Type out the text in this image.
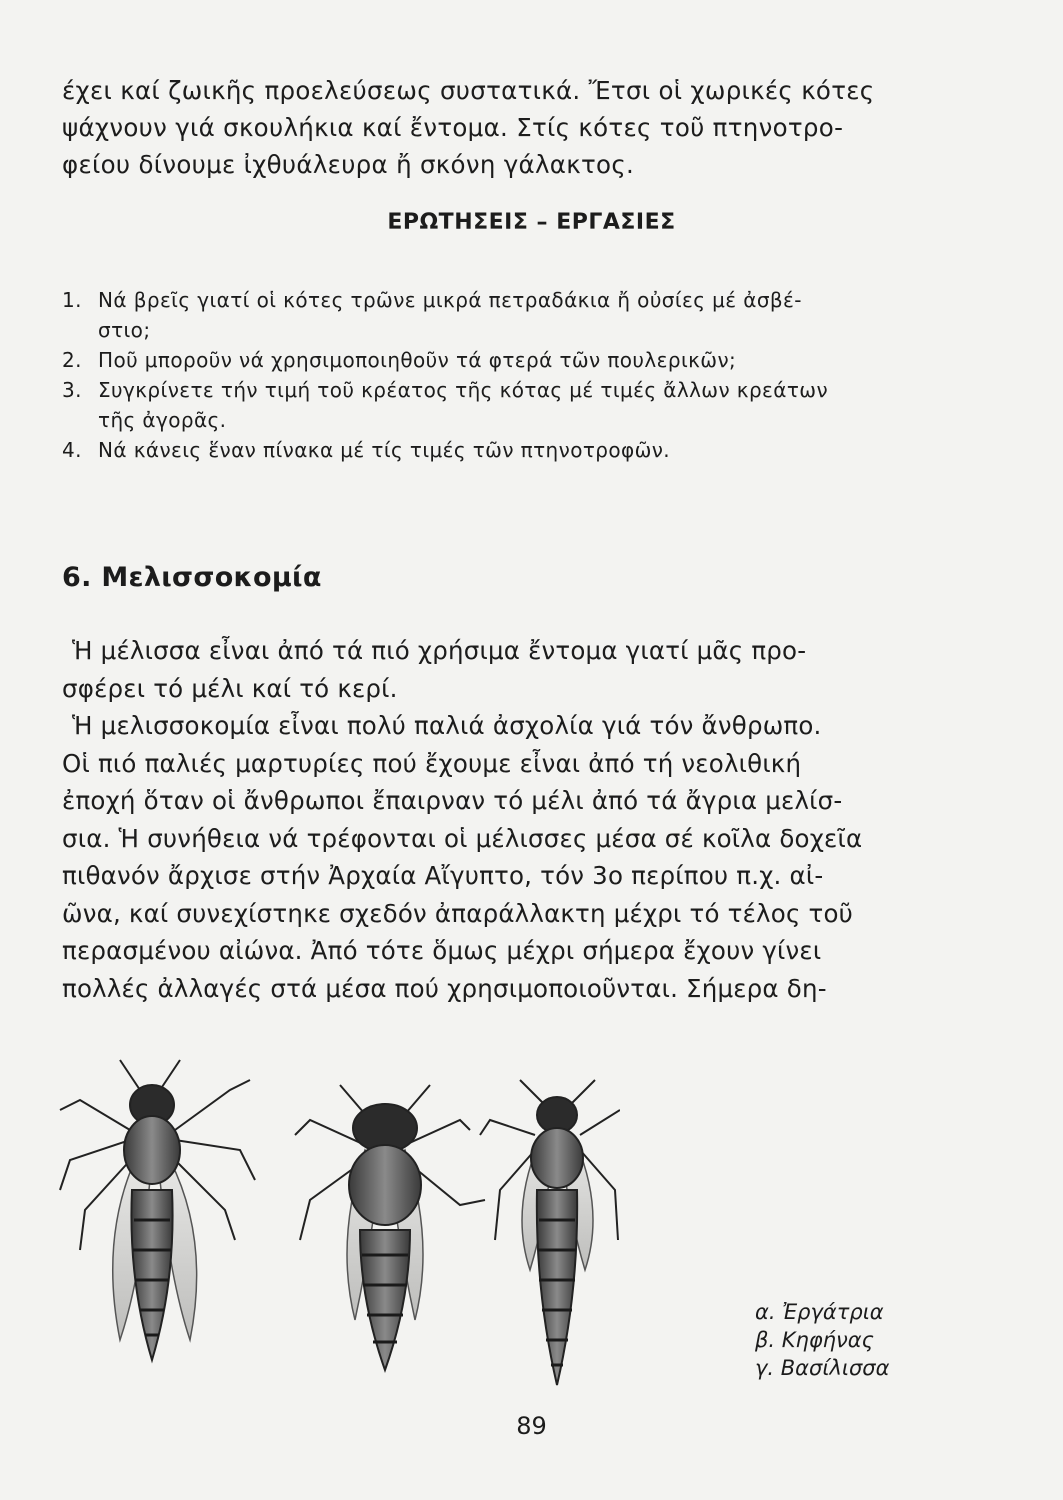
έχει καί ζωικῆς προελεύσεως συστατικά. Ἔτσι οἱ χωρικές κότες

ψάχνουν γιά σκουλήκια καί ἔντομα. Στίς κότες τοῦ πτηνοτρο-

φείου δίνουμε ἰχθυάλευρα ἤ σκόνη γάλακτος.

ΕΡΩΤΗΣΕΙΣ – ΕΡΓΑΣΙΕΣ
1. Νά βρεῖς γιατί οἱ κότες τρῶνε μικρά πετραδάκια ἤ οὐσίες μέ ἀσβέ-
στιο;
2. Ποῦ μποροῦν νά χρησιμοποιηθοῦν τά φτερά τῶν πουλερικῶν;
3. Συγκρίνετε τήν τιμή τοῦ κρέατος τῆς κότας μέ τιμές ἄλλων κρεάτων
τῆς ἀγορᾶς.
4. Νά κάνεις ἕναν πίνακα μέ τίς τιμές τῶν πτηνοτροφῶν.
6. Μελισσοκομία

Ἡ μέλισσα εἶναι ἀπό τά πιό χρήσιμα ἔντομα γιατί μᾶς προ-

σφέρει τό μέλι καί τό κερί.

Ἡ μελισσοκομία εἶναι πολύ παλιά ἀσχολία γιά τόν ἄνθρωπο.

Οἱ πιό παλιές μαρτυρίες πού ἔχουμε εἶναι ἀπό τή νεολιθική

ἐποχή ὅταν οἱ ἄνθρωποι ἔπαιρναν τό μέλι ἀπό τά ἄγρια μελίσ-

σια. Ἡ συνήθεια νά τρέφονται οἱ μέλισσες μέσα σέ κοῖλα δοχεῖα

πιθανόν ἄρχισε στήν Ἀρχαία Αἴγυπτο, τόν 3ο περίπου π.χ. αἰ-

ῶνα, καί συνεχίστηκε σχεδόν ἀπαράλλακτη μέχρι τό τέλος τοῦ

περασμένου αἰώνα. Ἀπό τότε ὅμως μέχρι σήμερα ἔχουν γίνει

πολλές ἀλλαγές στά μέσα πού χρησιμοποιοῦνται. Σήμερα δη-

α. Ἐργάτρια
β. Κηφήνας
γ. Βασίλισσα
89
